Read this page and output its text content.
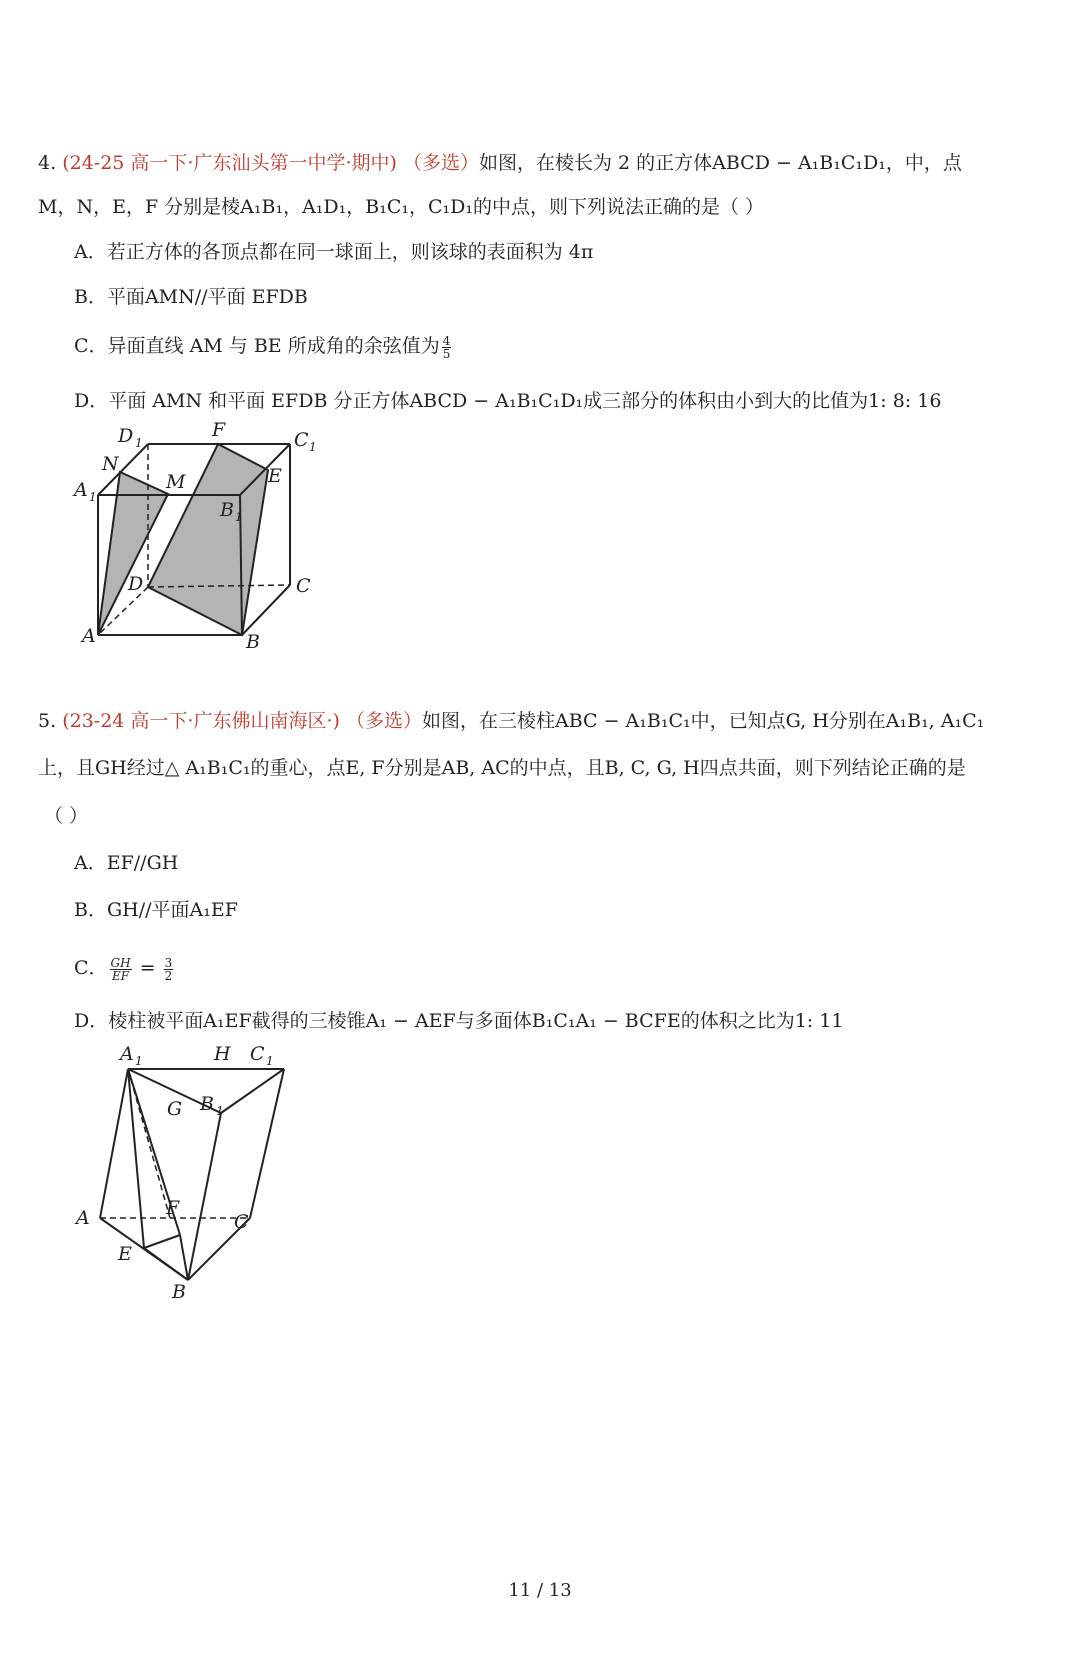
4. (24-25 高一下·广东汕头第一中学·期中) （多选）如图，在棱长为 2 的正方体ABCD − A₁B₁C₁D₁，中，点
M，N，E，F 分别是棱A₁B₁，A₁D₁，B₁C₁，C₁D₁的中点，则下列说法正确的是（ ）
A．若正方体的各顶点都在同一球面上，则该球的表面积为 4π
B．平面AMN//平面 EFDB
C．异面直线 AM 与 BE 所成角的余弦值为 $\frac{4}{5}$
D．平面 AMN 和平面 EFDB 分正方体ABCD − A₁B₁C₁D₁成三部分的体积由小到大的比值为1: 8: 16
D 1
F	C 1
N
M
A 1
E
B 1
D	C
A	B
5. (23-24 高一下·广东佛山南海区·) （多选）如图，在三棱柱ABC − A₁B₁C₁中，已知点G, H分别在A₁B₁, A₁C₁
上，且GH经过△ A₁B₁C₁的重心，点E, F分别是AB, AC的中点，且B, C, G, H四点共面，则下列结论正确的是
（ ）
A．EF//GH
B．GH//平面A₁EF
C． $\frac{GH}{EF} = \frac{3}{2}$
D．棱柱被平面A₁EF截得的三棱锥A₁ − AEF与多面体B₁C₁A₁ − BCFE的体积之比为1: 11
A 1	H C 1
G B 1
F
A	C
E
B
11 / 13
